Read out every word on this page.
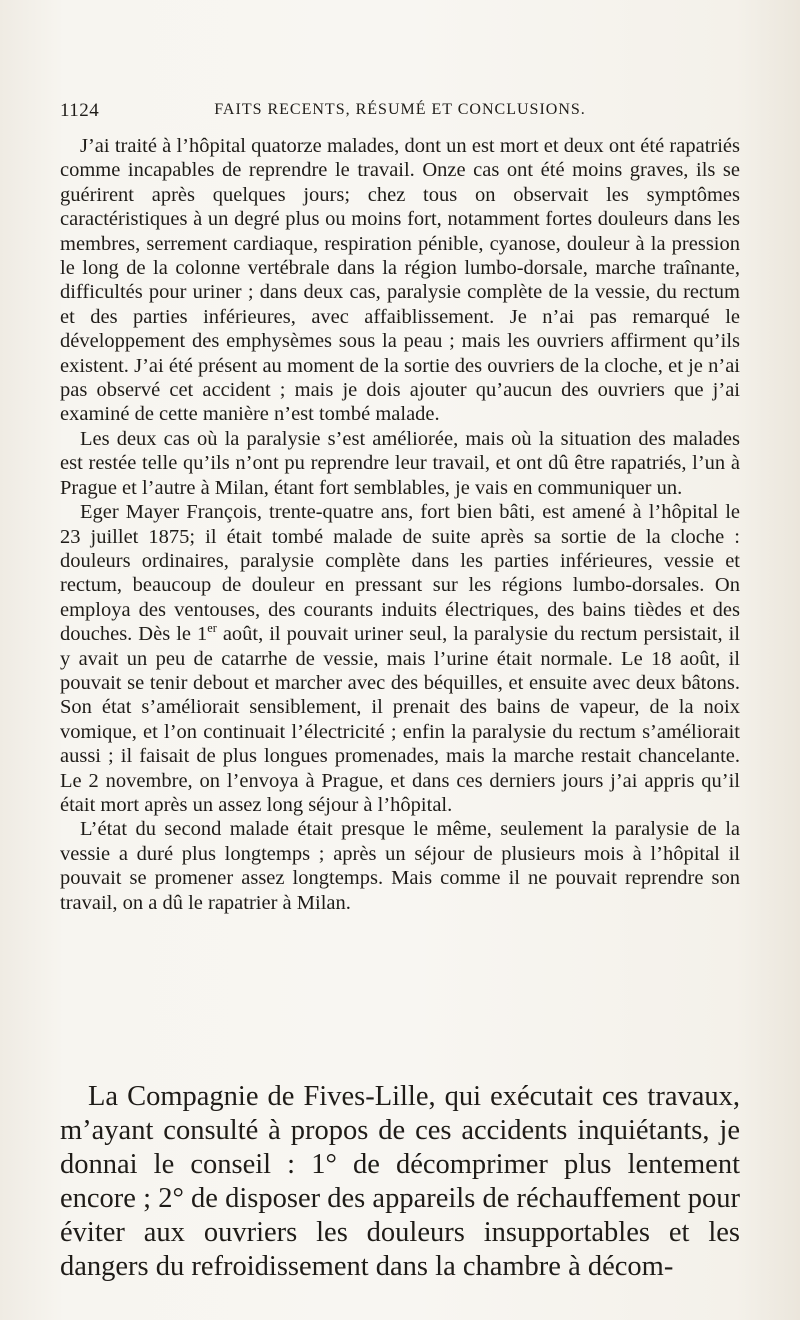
1124	FAITS RECENTS, RÉSUMÉ ET CONCLUSIONS.

J’ai traité à l’hôpital quatorze malades, dont un est mort et deux ont été rapatriés comme incapables de reprendre le travail. Onze cas ont été moins graves, ils se guérirent après quelques jours; chez tous on observait les symptômes caractéristiques à un degré plus ou moins fort, notamment fortes douleurs dans les membres, serrement cardiaque, respiration pénible, cyanose, douleur à la pression le long de la colonne vertébrale dans la région lumbo-dorsale, marche traînante, difficultés pour uriner ; dans deux cas, paralysie complète de la vessie, du rectum et des parties inférieures, avec affaiblissement. Je n’ai pas remarqué le développement des emphysèmes sous la peau ; mais les ouvriers affirment qu’ils existent. J’ai été présent au moment de la sortie des ouvriers de la cloche, et je n’ai pas observé cet accident ; mais je dois ajouter qu’aucun des ouvriers que j’ai examiné de cette manière n’est tombé malade.

Les deux cas où la paralysie s’est améliorée, mais où la situation des malades est restée telle qu’ils n’ont pu reprendre leur travail, et ont dû être rapatriés, l’un à Prague et l’autre à Milan, étant fort semblables, je vais en communiquer un.

Eger Mayer François, trente-quatre ans, fort bien bâti, est amené à l’hôpital le 23 juillet 1875; il était tombé malade de suite après sa sortie de la cloche : douleurs ordinaires, paralysie complète dans les parties inférieures, vessie et rectum, beaucoup de douleur en pressant sur les régions lumbo-dorsales. On employa des ventouses, des courants induits électriques, des bains tièdes et des douches. Dès le 1er août, il pouvait uriner seul, la paralysie du rectum persistait, il y avait un peu de catarrhe de vessie, mais l’urine était normale. Le 18 août, il pouvait se tenir debout et marcher avec des béquilles, et ensuite avec deux bâtons. Son état s’améliorait sensiblement, il prenait des bains de vapeur, de la noix vomique, et l’on continuait l’électricité ; enfin la paralysie du rectum s’améliorait aussi ; il faisait de plus longues promenades, mais la marche restait chancelante. Le 2 novembre, on l’envoya à Prague, et dans ces derniers jours j’ai appris qu’il était mort après un assez long séjour à l’hôpital.

L’état du second malade était presque le même, seulement la paralysie de la vessie a duré plus longtemps ; après un séjour de plusieurs mois à l’hôpital il pouvait se promener assez longtemps. Mais comme il ne pouvait reprendre son travail, on a dû le rapatrier à Milan.

La Compagnie de Fives-Lille, qui exécutait ces travaux, m’ayant consulté à propos de ces accidents inquiétants, je donnai le conseil : 1° de décomprimer plus lentement encore ; 2° de disposer des appareils de réchauffement pour éviter aux ouvriers les douleurs insupportables et les dangers du refroidissement dans la chambre à décom-
